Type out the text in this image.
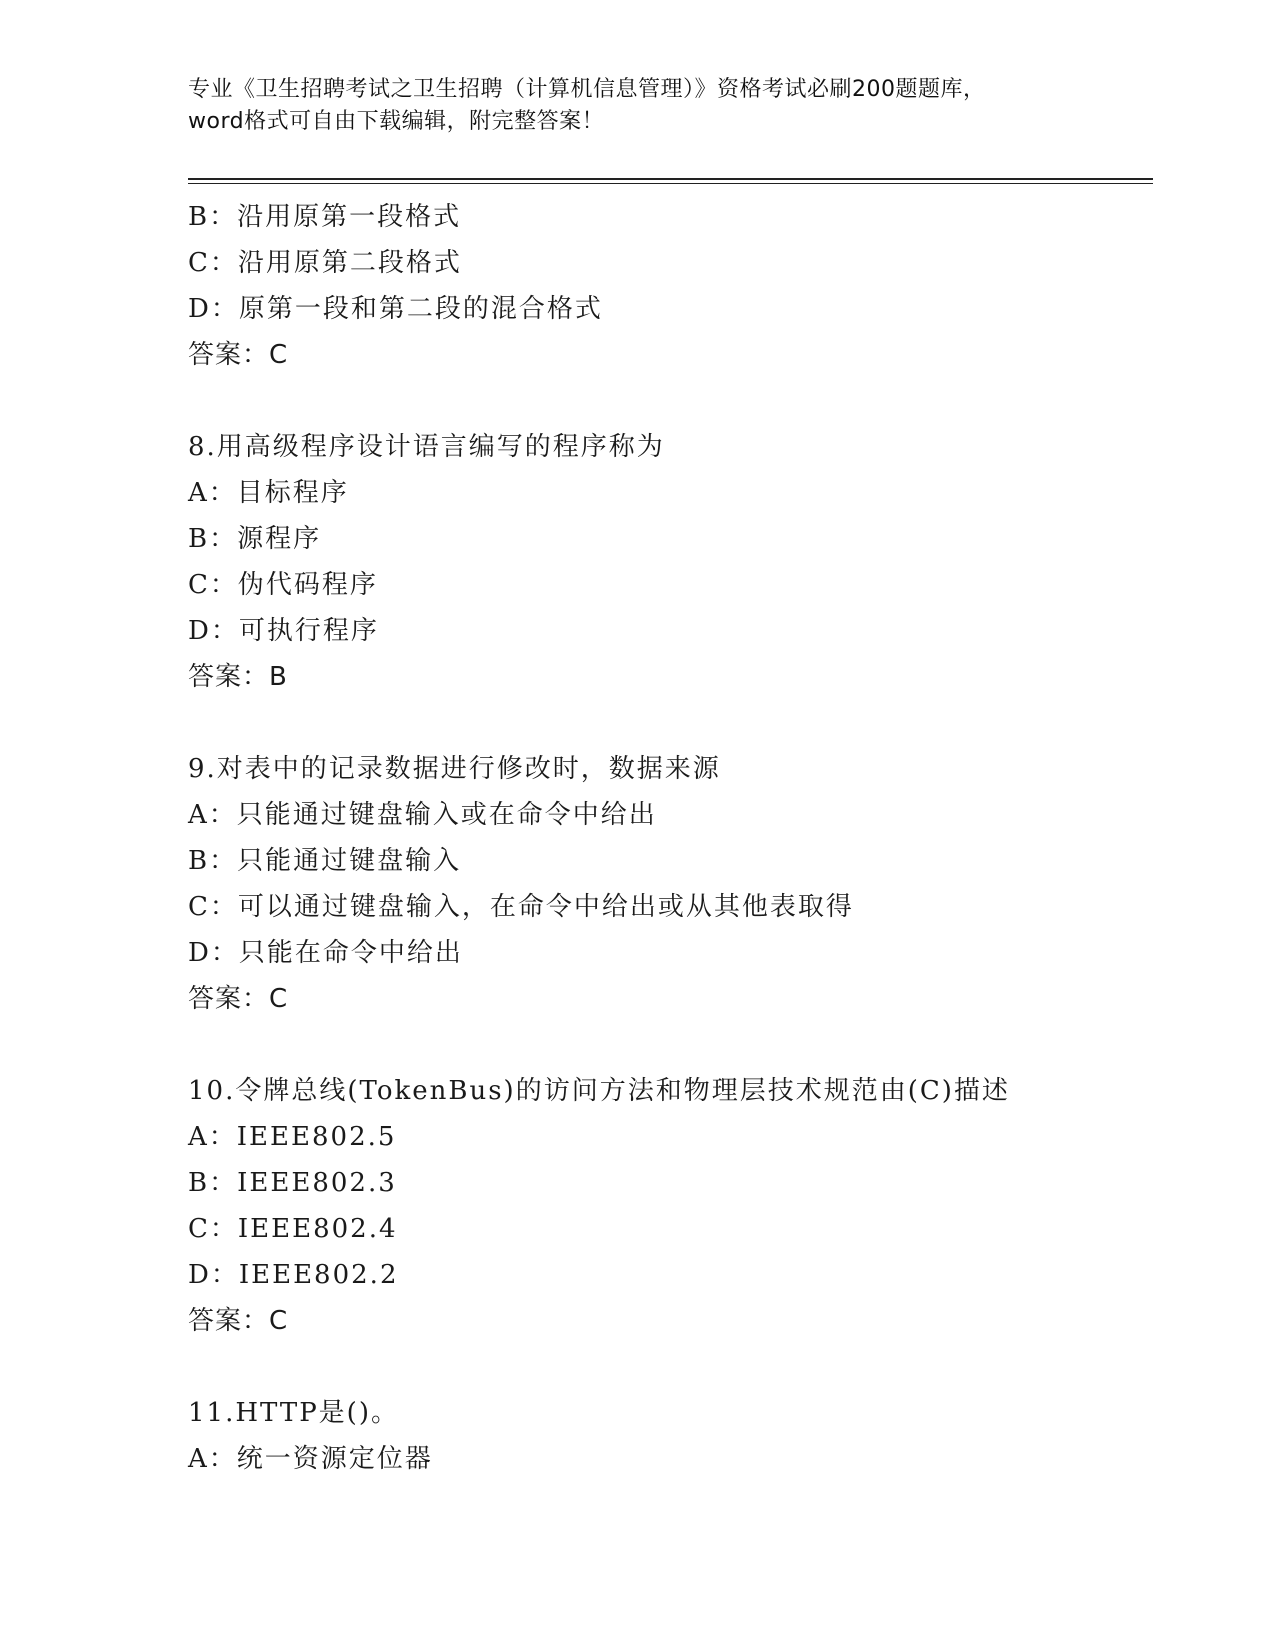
专业《卫生招聘考试之卫生招聘（计算机信息管理）》资格考试必刷200题题库，
word格式可自由下载编辑，附完整答案！
B：沿用原第一段格式
C：沿用原第二段格式
D：原第一段和第二段的混合格式
答案：C
8.用高级程序设计语言编写的程序称为
A：目标程序
B：源程序
C：伪代码程序
D：可执行程序
答案：B
9.对表中的记录数据进行修改时，数据来源
A：只能通过键盘输入或在命令中给出
B：只能通过键盘输入
C：可以通过键盘输入，在命令中给出或从其他表取得
D：只能在命令中给出
答案：C
10.令牌总线(TokenBus)的访问方法和物理层技术规范由(C)描述
A：IEEE802.5
B：IEEE802.3
C：IEEE802.4
D：IEEE802.2
答案：C
11.HTTP是()。
A：统一资源定位器
